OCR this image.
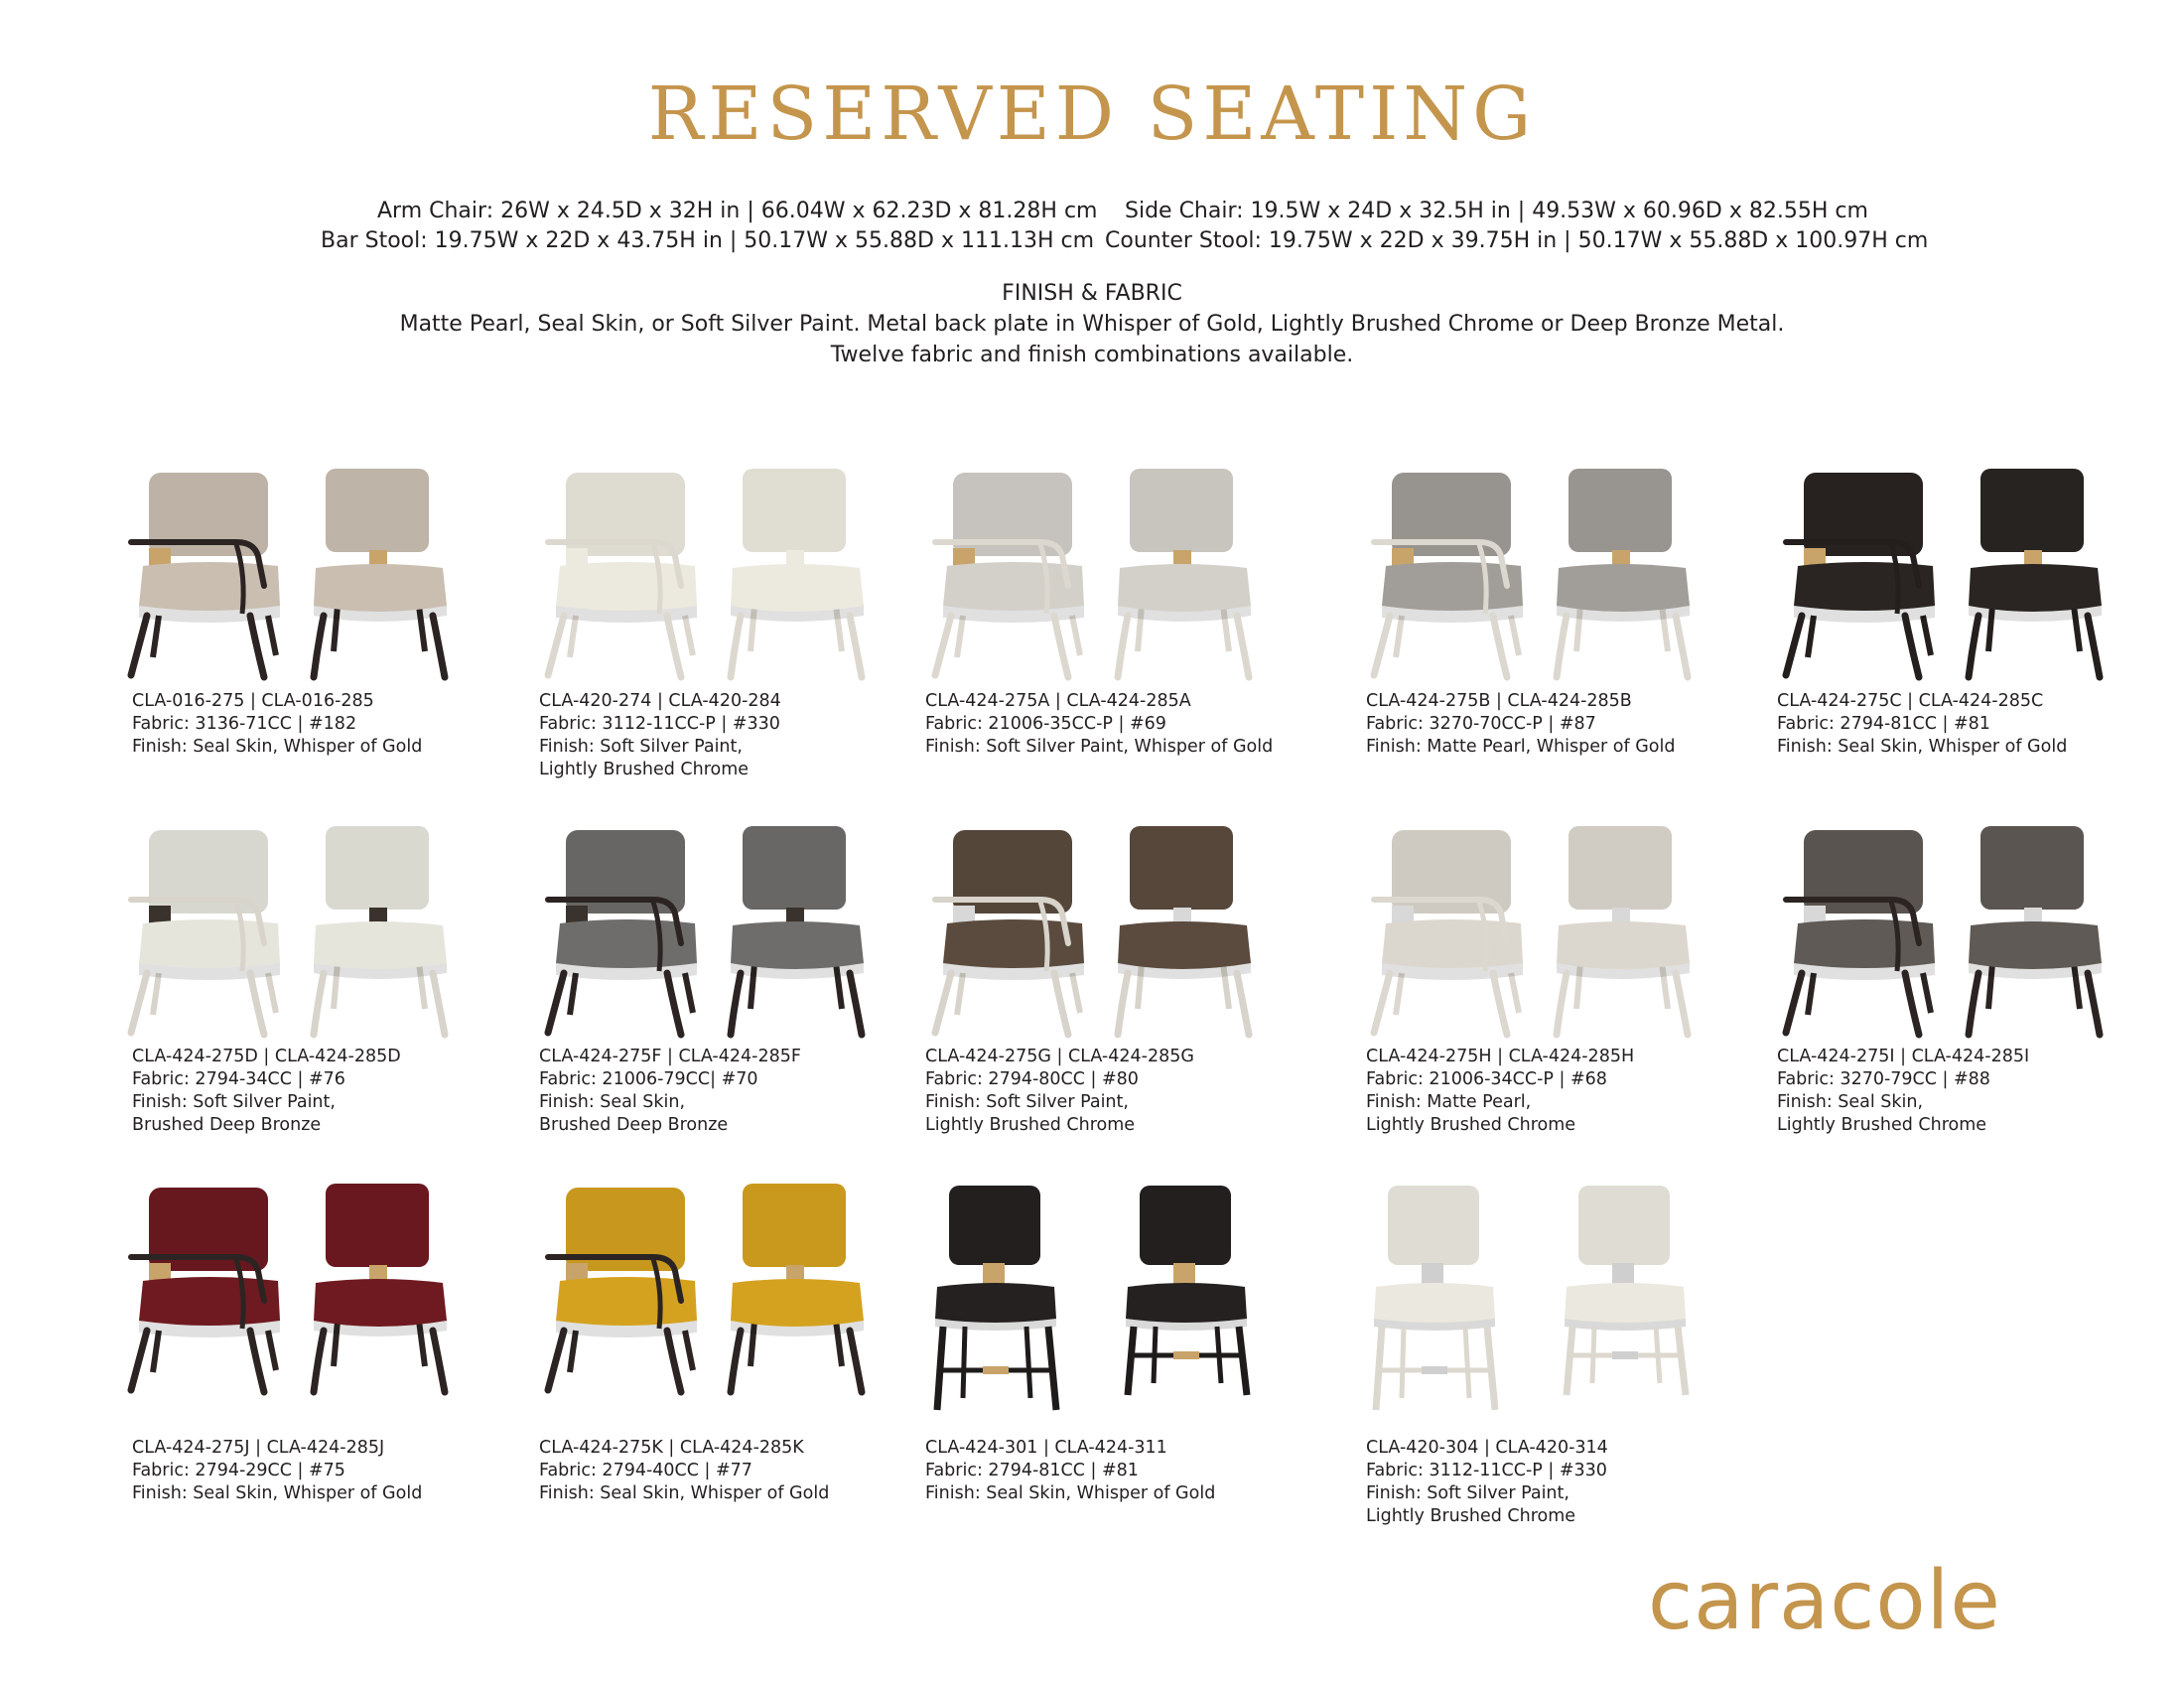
RESERVED SEATING
Arm Chair: 26W x 24.5D x 32H in | 66.04W x 62.23D x 81.28H cm Side Chair: 19.5W x 24D x 32.5H in | 49.53W x 60.96D x 82.55H cm
Bar Stool: 19.75W x 22D x 43.75H in | 50.17W x 55.88D x 111.13H cm Counter Stool: 19.75W x 22D x 39.75H in | 50.17W x 55.88D x 100.97H cm
FINISH & FABRIC
Matte Pearl, Seal Skin, or Soft Silver Paint. Metal back plate in Whisper of Gold, Lightly Brushed Chrome or Deep Bronze Metal.
Twelve fabric and finish combinations available.
CLA-016-275 | CLA-016-285
Fabric: 3136-71CC | #182
Finish: Seal Skin, Whisper of Gold
CLA-420-274 | CLA-420-284
Fabric: 3112-11CC-P | #330
Finish: Soft Silver Paint,
Lightly Brushed Chrome
CLA-424-275A | CLA-424-285A
Fabric: 21006-35CC-P | #69
Finish: Soft Silver Paint, Whisper of Gold
CLA-424-275B | CLA-424-285B
Fabric: 3270-70CC-P | #87
Finish: Matte Pearl, Whisper of Gold
CLA-424-275C | CLA-424-285C
Fabric: 2794-81CC | #81
Finish: Seal Skin, Whisper of Gold
CLA-424-275D | CLA-424-285D
Fabric: 2794-34CC | #76
Finish: Soft Silver Paint,
Brushed Deep Bronze
CLA-424-275F | CLA-424-285F
Fabric: 21006-79CC| #70
Finish: Seal Skin,
Brushed Deep Bronze
CLA-424-275G | CLA-424-285G
Fabric: 2794-80CC | #80
Finish: Soft Silver Paint,
Lightly Brushed Chrome
CLA-424-275H | CLA-424-285H
Fabric: 21006-34CC-P | #68
Finish: Matte Pearl,
Lightly Brushed Chrome
CLA-424-275I | CLA-424-285I
Fabric: 3270-79CC | #88
Finish: Seal Skin,
Lightly Brushed Chrome
CLA-424-275J | CLA-424-285J
Fabric: 2794-29CC | #75
Finish: Seal Skin, Whisper of Gold
CLA-424-275K | CLA-424-285K
Fabric: 2794-40CC | #77
Finish: Seal Skin, Whisper of Gold
CLA-424-301 | CLA-424-311
Fabric: 2794-81CC | #81
Finish: Seal Skin, Whisper of Gold
CLA-420-304 | CLA-420-314
Fabric: 3112-11CC-P | #330
Finish: Soft Silver Paint,
Lightly Brushed Chrome
caracole
